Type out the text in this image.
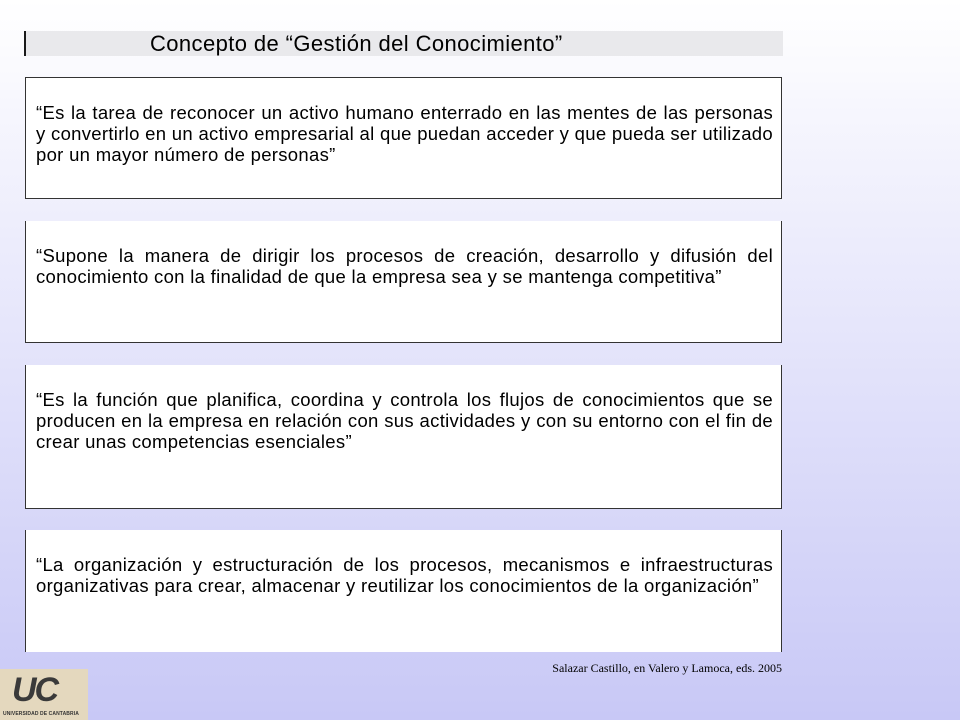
Concepto de “Gestión del Conocimiento”

“Es la tarea de reconocer un activo humano enterrado en las mentes de las personas y convertirlo en un activo empresarial al que puedan acceder y que pueda ser utilizado por un mayor número de personas”

“Supone la manera de dirigir los procesos de creación, desarrollo y difusión del conocimiento con la finalidad de que la empresa sea y se mantenga competitiva”

“Es la función que planifica, coordina y controla los flujos de conocimientos que se producen en la empresa en relación con sus actividades y con su entorno con el fin de crear unas competencias esenciales”

“La organización y estructuración de los procesos, mecanismos e infraestructuras organizativas para crear, almacenar y reutilizar los conocimientos de la organización”

Salazar Castillo, en Valero y Lamoca, eds. 2005
UC
UNIVERSIDAD DE CANTABRIA
